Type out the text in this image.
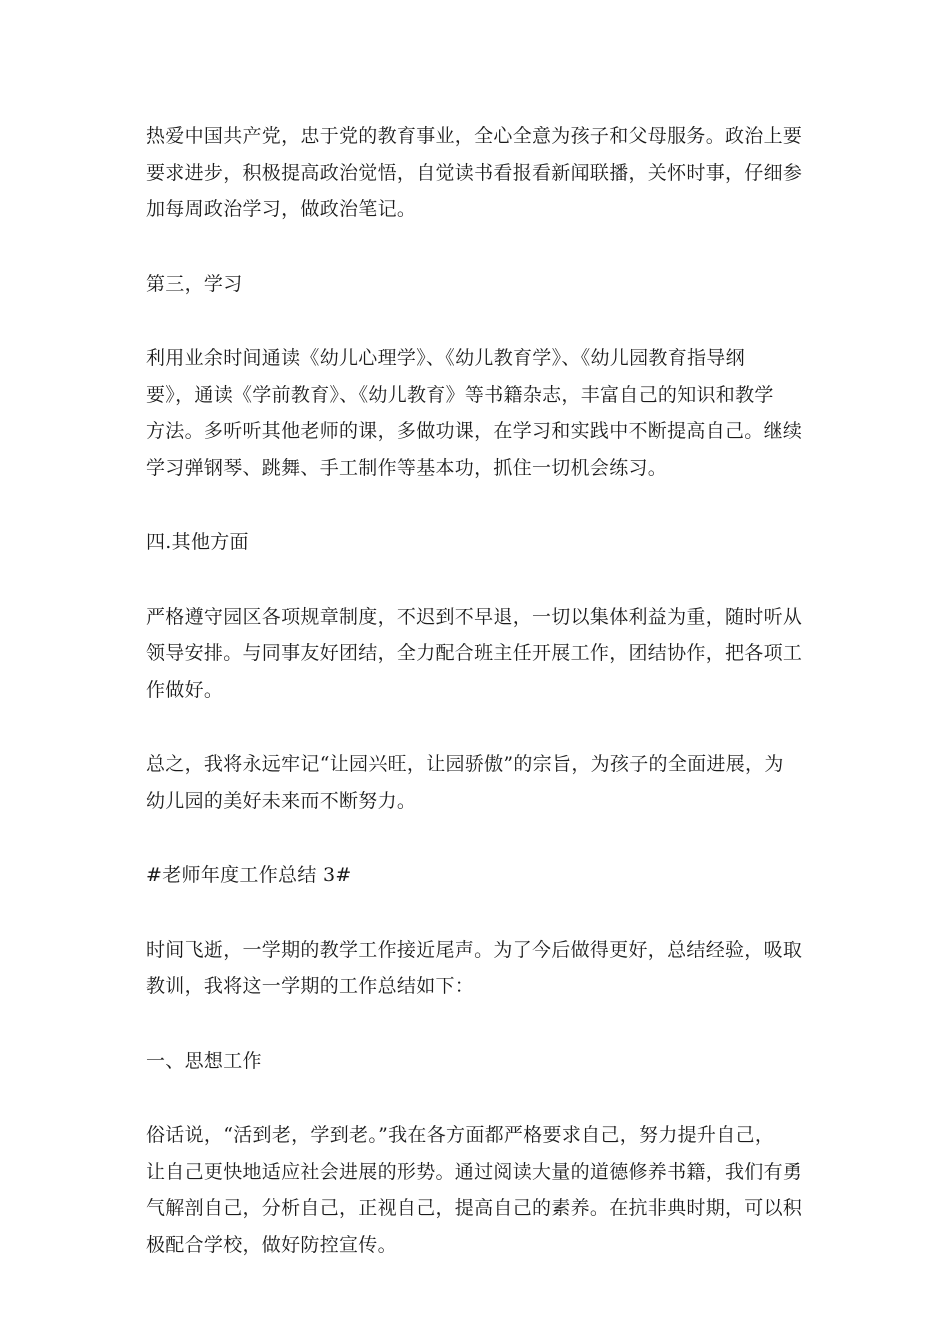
热爱中国共产党，忠于党的教育事业，全心全意为孩子和父母服务。政治上要
要求进步，积极提高政治觉悟，自觉读书看报看新闻联播，关怀时事，仔细参
加每周政治学习，做政治笔记。

第三，学习

利用业余时间通读《幼儿心理学》、《幼儿教育学》、《幼儿园教育指导纲
要》，通读《学前教育》、《幼儿教育》等书籍杂志，丰富自己的知识和教学
方法。多听听其他老师的课，多做功课，在学习和实践中不断提高自己。继续
学习弹钢琴、跳舞、手工制作等基本功，抓住一切机会练习。

四.其他方面

严格遵守园区各项规章制度，不迟到不早退，一切以集体利益为重，随时听从
领导安排。与同事友好团结，全力配合班主任开展工作，团结协作，把各项工
作做好。

总之，我将永远牢记“让园兴旺，让园骄傲”的宗旨，为孩子的全面进展，为
幼儿园的美好未来而不断努力。

#老师年度工作总结 3#

时间飞逝，一学期的教学工作接近尾声。为了今后做得更好，总结经验，吸取
教训，我将这一学期的工作总结如下：

一、思想工作

俗话说，“活到老，学到老。”我在各方面都严格要求自己，努力提升自己，
让自己更快地适应社会进展的形势。通过阅读大量的道德修养书籍，我们有勇
气解剖自己，分析自己，正视自己，提高自己的素养。在抗非典时期，可以积
极配合学校，做好防控宣传。
